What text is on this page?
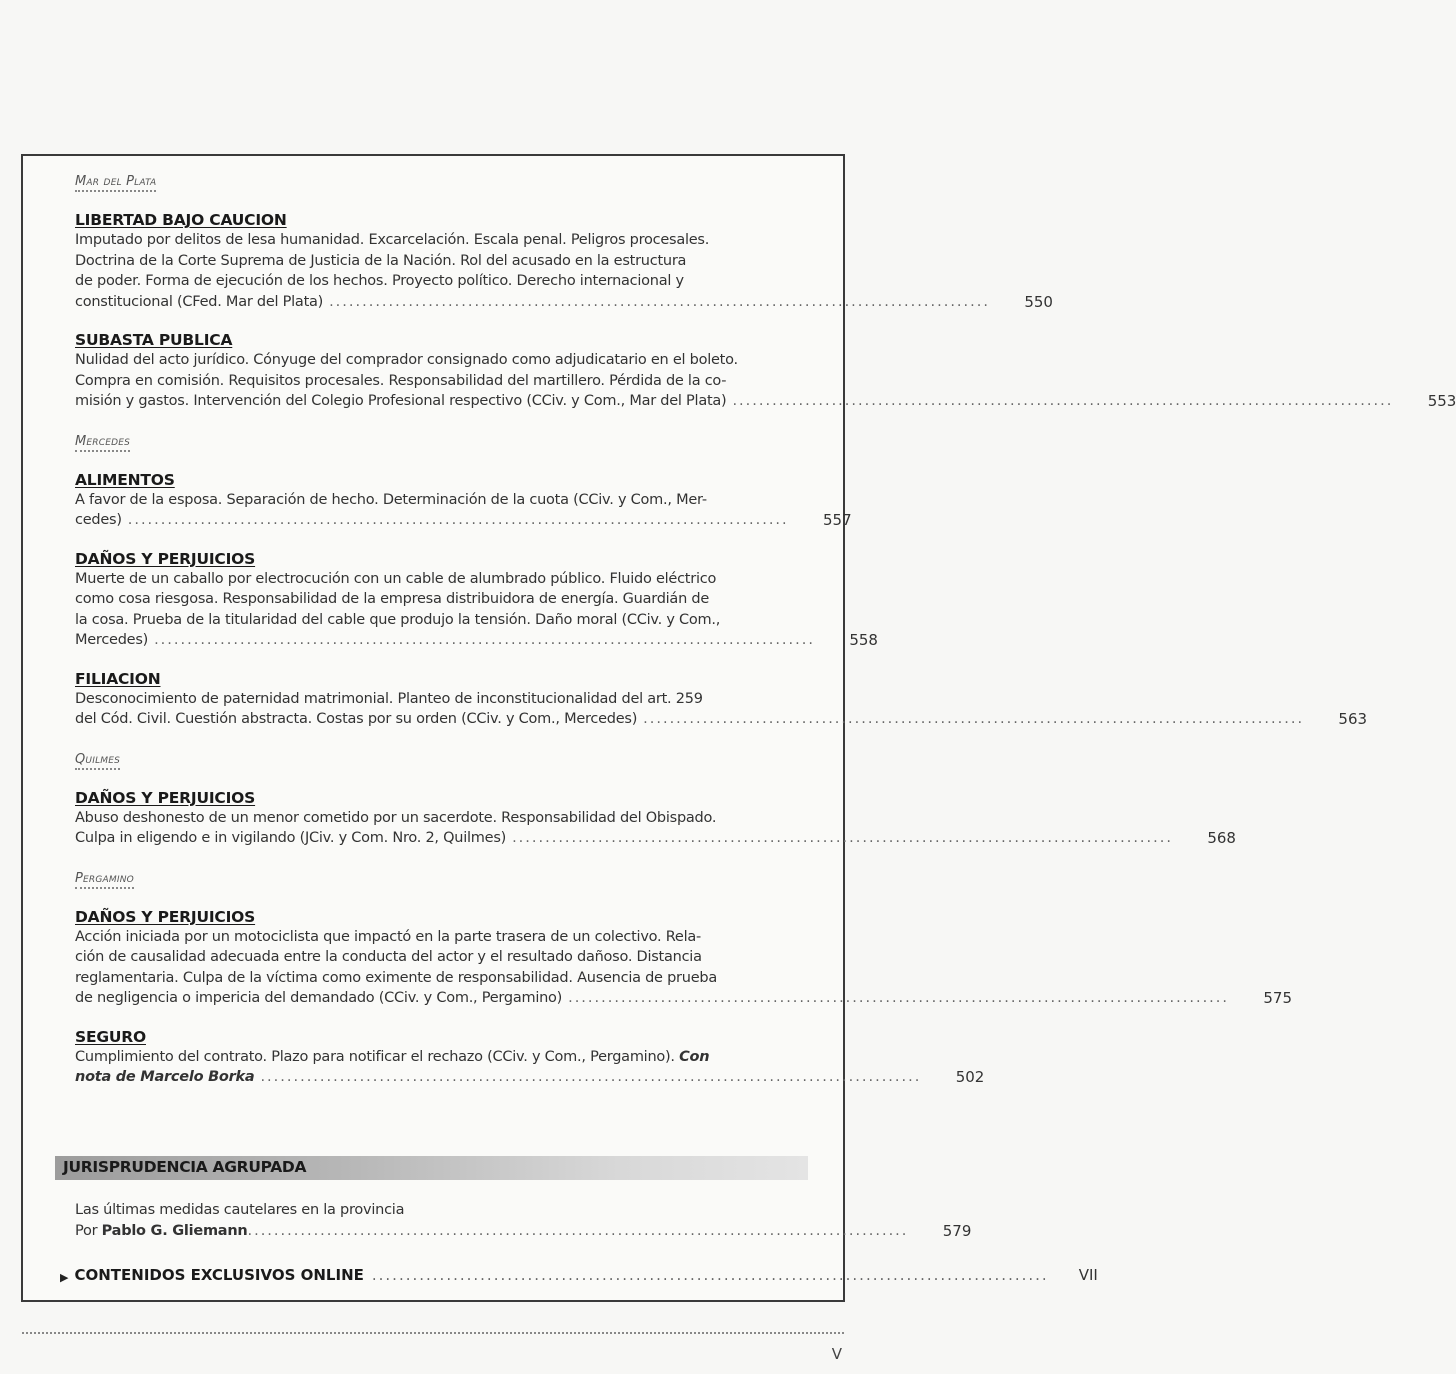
Mar del Plata

LIBERTAD BAJO CAUCION
Imputado por delitos de lesa humanidad. Excarcelación. Escala penal. Peligros procesales.
Doctrina de la Corte Suprema de Justicia de la Nación. Rol del acusado en la estructura
de poder. Forma de ejecución de los hechos. Proyecto político. Derecho internacional y
constitucional (CFed. Mar del Plata) ....................................................................................................	550
SUBASTA PUBLICA
Nulidad del acto jurídico. Cónyuge del comprador consignado como adjudicatario en el boleto.
Compra en comisión. Requisitos procesales. Responsabilidad del martillero. Pérdida de la co-
misión y gastos. Intervención del Colegio Profesional respectivo (CCiv. y Com., Mar del Plata) ....................................................................................................	553
Mercedes

ALIMENTOS
A favor de la esposa. Separación de hecho. Determinación de la cuota (CCiv. y Com., Mer-
cedes) ....................................................................................................	557
DAÑOS Y PERJUICIOS
Muerte de un caballo por electrocución con un cable de alumbrado público. Fluido eléctrico
como cosa riesgosa. Responsabilidad de la empresa distribuidora de energía. Guardián de
la cosa. Prueba de la titularidad del cable que produjo la tensión. Daño moral (CCiv. y Com.,
Mercedes) ....................................................................................................	558
FILIACION
Desconocimiento de paternidad matrimonial. Planteo de inconstitucionalidad del art. 259
del Cód. Civil. Cuestión abstracta. Costas por su orden (CCiv. y Com., Mercedes) ....................................................................................................	563
Quilmes

DAÑOS Y PERJUICIOS
Abuso deshonesto de un menor cometido por un sacerdote. Responsabilidad del Obispado.
Culpa in eligendo e in vigilando (JCiv. y Com. Nro. 2, Quilmes) ....................................................................................................	568
Pergamino

DAÑOS Y PERJUICIOS
Acción iniciada por un motociclista que impactó en la parte trasera de un colectivo. Rela-
ción de causalidad adecuada entre la conducta del actor y el resultado dañoso. Distancia
reglamentaria. Culpa de la víctima como eximente de responsabilidad. Ausencia de prueba
de negligencia o impericia del demandado (CCiv. y Com., Pergamino) ....................................................................................................	575
SEGURO
Cumplimiento del contrato. Plazo para notificar el rechazo (CCiv. y Com., Pergamino). Con
nota de Marcelo Borka ....................................................................................................	502
JURISPRUDENCIA AGRUPADA
Las últimas medidas cautelares en la provincia
Por Pablo G. Gliemann ....................................................................................................	579
▶ CONTENIDOS EXCLUSIVOS ONLINE .................................................................................................... VII
V
